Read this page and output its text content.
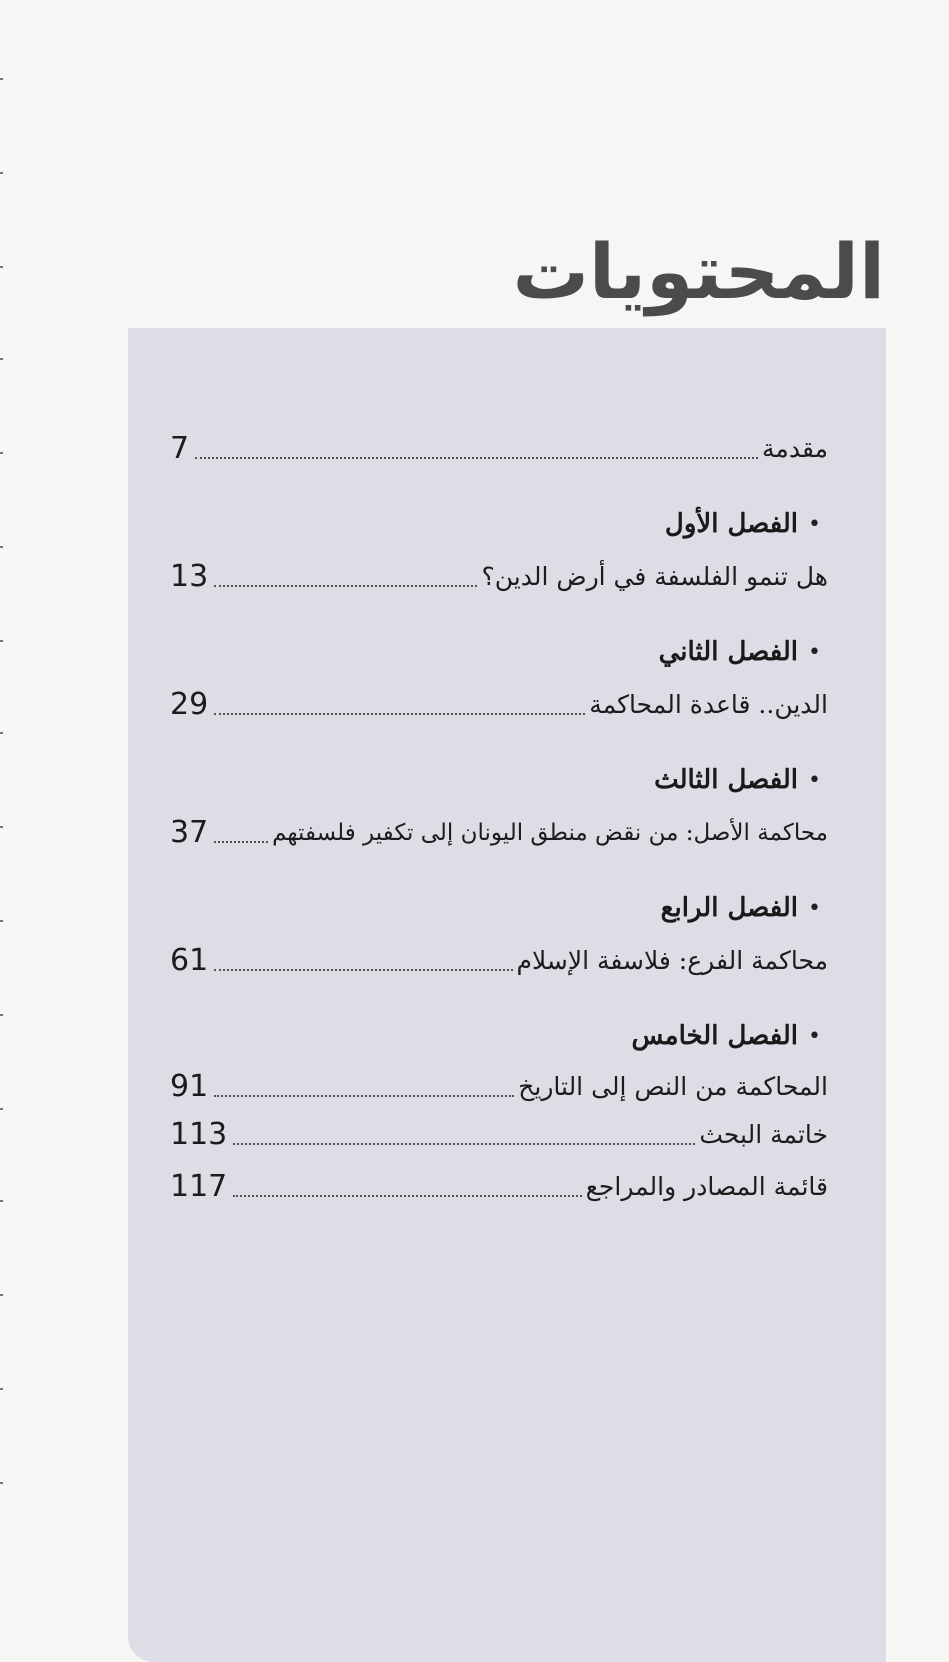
المحتويات
مقدمة
7
•
الفصل الأول
هل تنمو الفلسفة في أرض الدين؟
13
•
الفصل الثاني
الدين.. قاعدة المحاكمة
29
•
الفصل الثالث
محاكمة الأصل: من نقض منطق اليونان إلى تكفير فلسفتهم
37
•
الفصل الرابع
محاكمة الفرع: فلاسفة الإسلام
61
•
الفصل الخامس
المحاكمة من النص إلى التاريخ
91
خاتمة البحث
113
قائمة المصادر والمراجع
117
